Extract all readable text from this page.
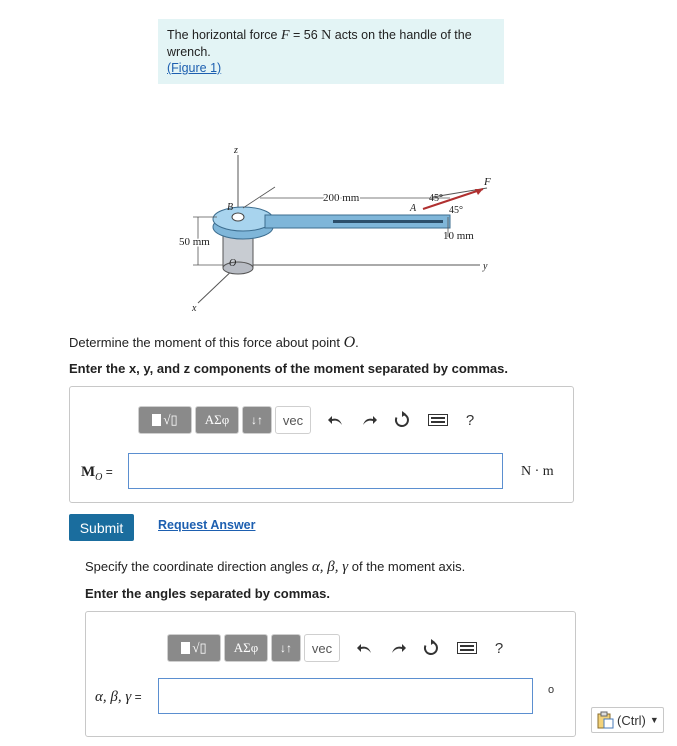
The horizontal force F = 56 N acts on the handle of the wrench.
(Figure 1)
200 mm
50 mm
F
45°
45°
10 mm
z
B	A
O	y
x
Determine the moment of this force about point O.
Enter the x, y, and z components of the moment separated by commas.
√▯	ΑΣφ	↓↑	vec	?
$M_O$ =	N · m
Submit	Request Answer
Specify the coordinate direction angles α, β, γ of the moment axis.
Enter the angles separated by commas.
√▯	ΑΣφ	↓↑	vec	?
α, β, γ =	o
(Ctrl) ▼
